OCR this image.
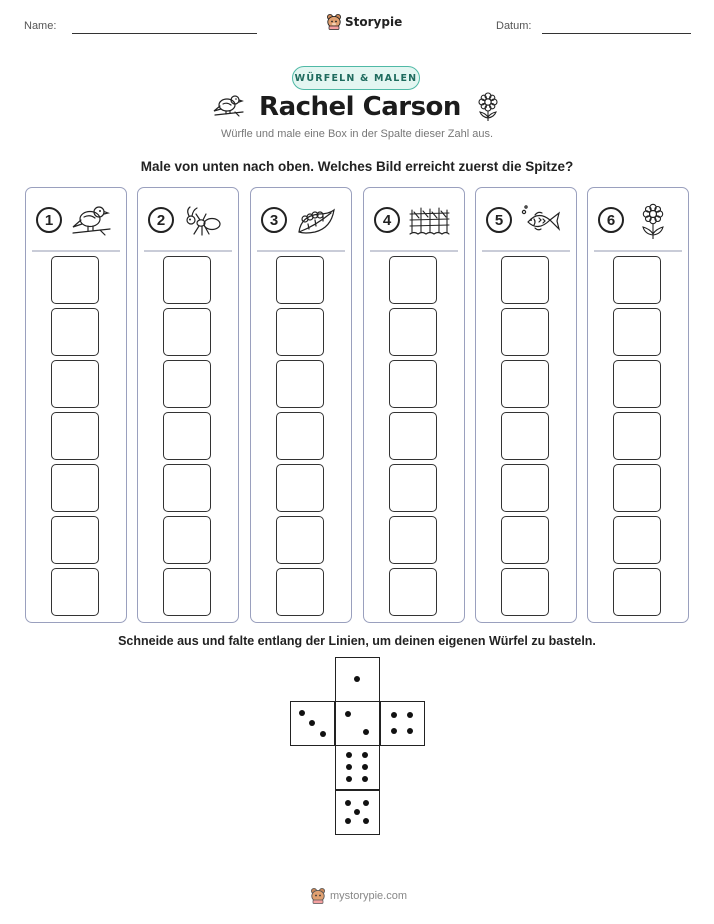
Name:	Storypie	Datum:
WÜRFELN & MALEN
Rachel Carson
Würfle und male eine Box in der Spalte dieser Zahl aus.
Male von unten nach oben. Welches Bild erreicht zuerst die Spitze?
1	2	3	4	5	6
Schneide aus und falte entlang der Linien, um deinen eigenen Würfel zu basteln.
mystorypie.com
